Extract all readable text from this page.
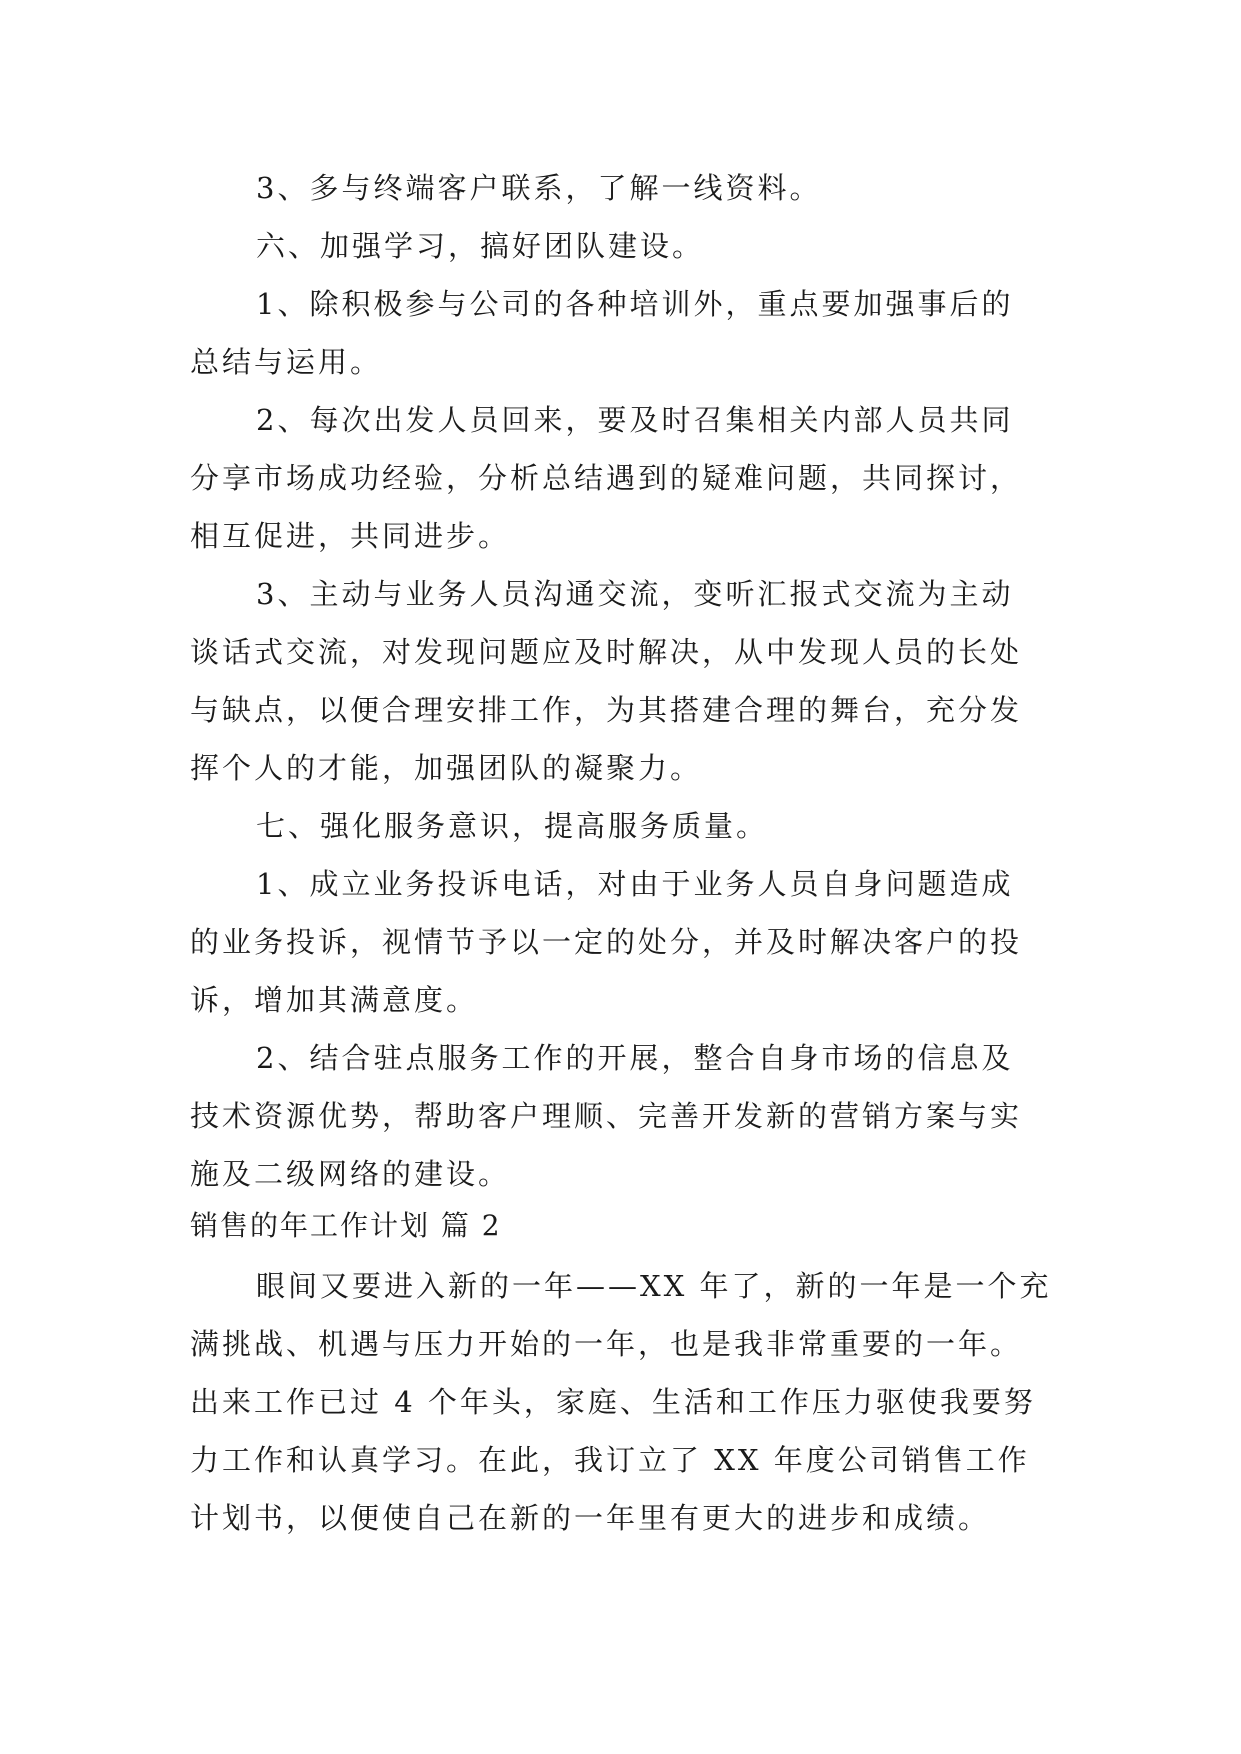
3、多与终端客户联系，了解一线资料。
六、加强学习，搞好团队建设。
1、除积极参与公司的各种培训外，重点要加强事后的
总结与运用。
2、每次出发人员回来，要及时召集相关内部人员共同
分享市场成功经验，分析总结遇到的疑难问题，共同探讨，
相互促进，共同进步。
3、主动与业务人员沟通交流，变听汇报式交流为主动
谈话式交流，对发现问题应及时解决，从中发现人员的长处
与缺点，以便合理安排工作，为其搭建合理的舞台，充分发
挥个人的才能，加强团队的凝聚力。
七、强化服务意识，提高服务质量。
1、成立业务投诉电话，对由于业务人员自身问题造成
的业务投诉，视情节予以一定的处分，并及时解决客户的投
诉，增加其满意度。
2、结合驻点服务工作的开展，整合自身市场的信息及
技术资源优势，帮助客户理顺、完善开发新的营销方案与实
施及二级网络的建设。
销售的年工作计划 篇 2
眼间又要进入新的一年——XX 年了，新的一年是一个充
满挑战、机遇与压力开始的一年，也是我非常重要的一年。
出来工作已过 4 个年头，家庭、生活和工作压力驱使我要努
力工作和认真学习。在此，我订立了 XX 年度公司销售工作
计划书，以便使自己在新的一年里有更大的进步和成绩。
